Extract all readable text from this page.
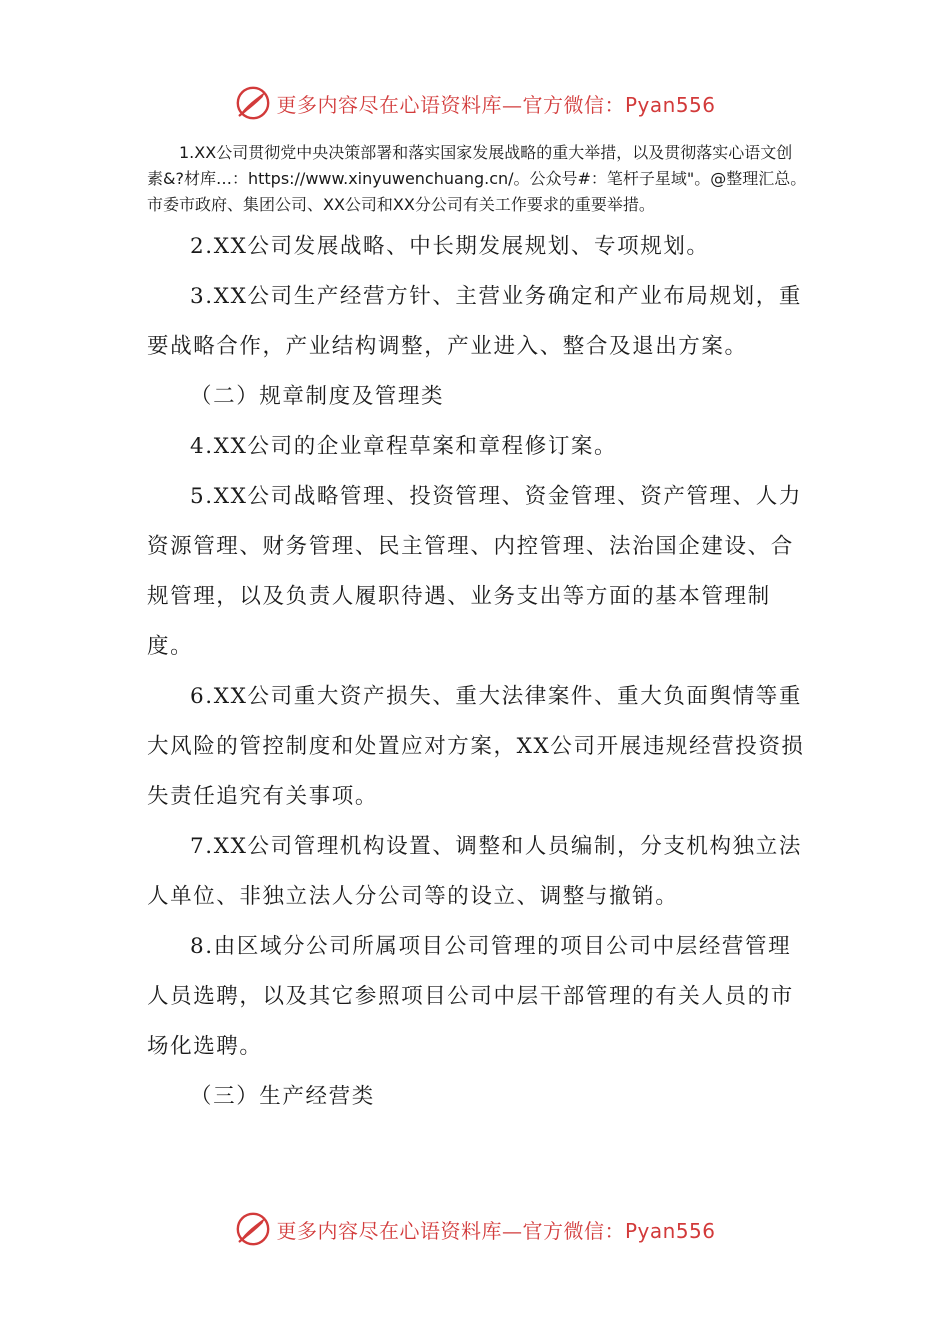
更多内容尽在心语资料库—官方微信：Pyan556

1.XX公司贯彻党中央决策部署和落实国家发展战略的重大举措，以及贯彻落实心语文创素&?材库…：https://www.xinyuwenchuang.cn/。公众号#：笔杆子星域"。@整理汇总。市委市政府、集团公司、XX公司和XX分公司有关工作要求的重要举措。

2.XX公司发展战略、中长期发展规划、专项规划。

3.XX公司生产经营方针、主营业务确定和产业布局规划，重要战略合作，产业结构调整，产业进入、整合及退出方案。

（二）规章制度及管理类

4.XX公司的企业章程草案和章程修订案。

5.XX公司战略管理、投资管理、资金管理、资产管理、人力资源管理、财务管理、民主管理、内控管理、法治国企建设、合规管理，以及负责人履职待遇、业务支出等方面的基本管理制度。

6.XX公司重大资产损失、重大法律案件、重大负面舆情等重大风险的管控制度和处置应对方案，XX公司开展违规经营投资损失责任追究有关事项。

7.XX公司管理机构设置、调整和人员编制，分支机构独立法人单位、非独立法人分公司等的设立、调整与撤销。

8.由区域分公司所属项目公司管理的项目公司中层经营管理人员选聘，以及其它参照项目公司中层干部管理的有关人员的市场化选聘。

（三）生产经营类

更多内容尽在心语资料库—官方微信：Pyan556
